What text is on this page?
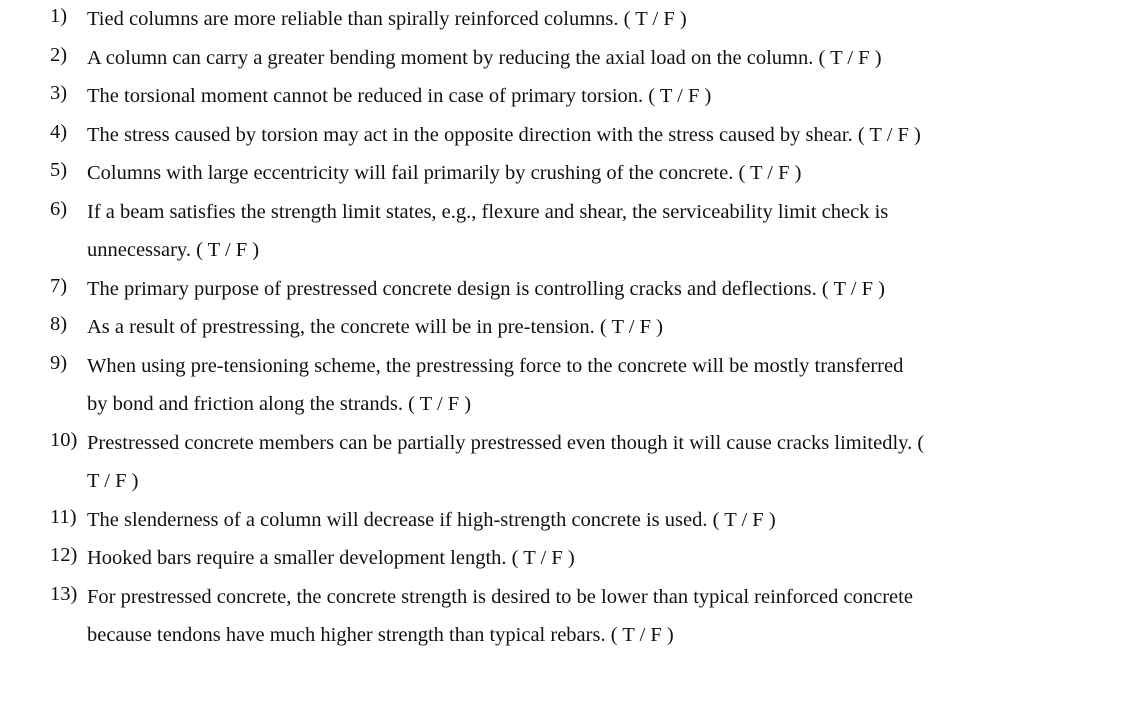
1) Tied columns are more reliable than spirally reinforced columns. ( T / F )
2) A column can carry a greater bending moment by reducing the axial load on the column. ( T / F )
3) The torsional moment cannot be reduced in case of primary torsion. ( T / F )
4) The stress caused by torsion may act in the opposite direction with the stress caused by shear. ( T / F )
5) Columns with large eccentricity will fail primarily by crushing of the concrete. ( T / F )
6) If a beam satisfies the strength limit states, e.g., flexure and shear, the serviceability limit check is
unnecessary. ( T / F )
7) The primary purpose of prestressed concrete design is controlling cracks and deflections. ( T / F )
8) As a result of prestressing, the concrete will be in pre-tension. ( T / F )
9) When using pre-tensioning scheme, the prestressing force to the concrete will be mostly transferred
by bond and friction along the strands. ( T / F )
10) Prestressed concrete members can be partially prestressed even though it will cause cracks limitedly. (
T / F )
11) The slenderness of a column will decrease if high-strength concrete is used. ( T / F )
12) Hooked bars require a smaller development length. ( T / F )
13) For prestressed concrete, the concrete strength is desired to be lower than typical reinforced concrete
because tendons have much higher strength than typical rebars. ( T / F )
